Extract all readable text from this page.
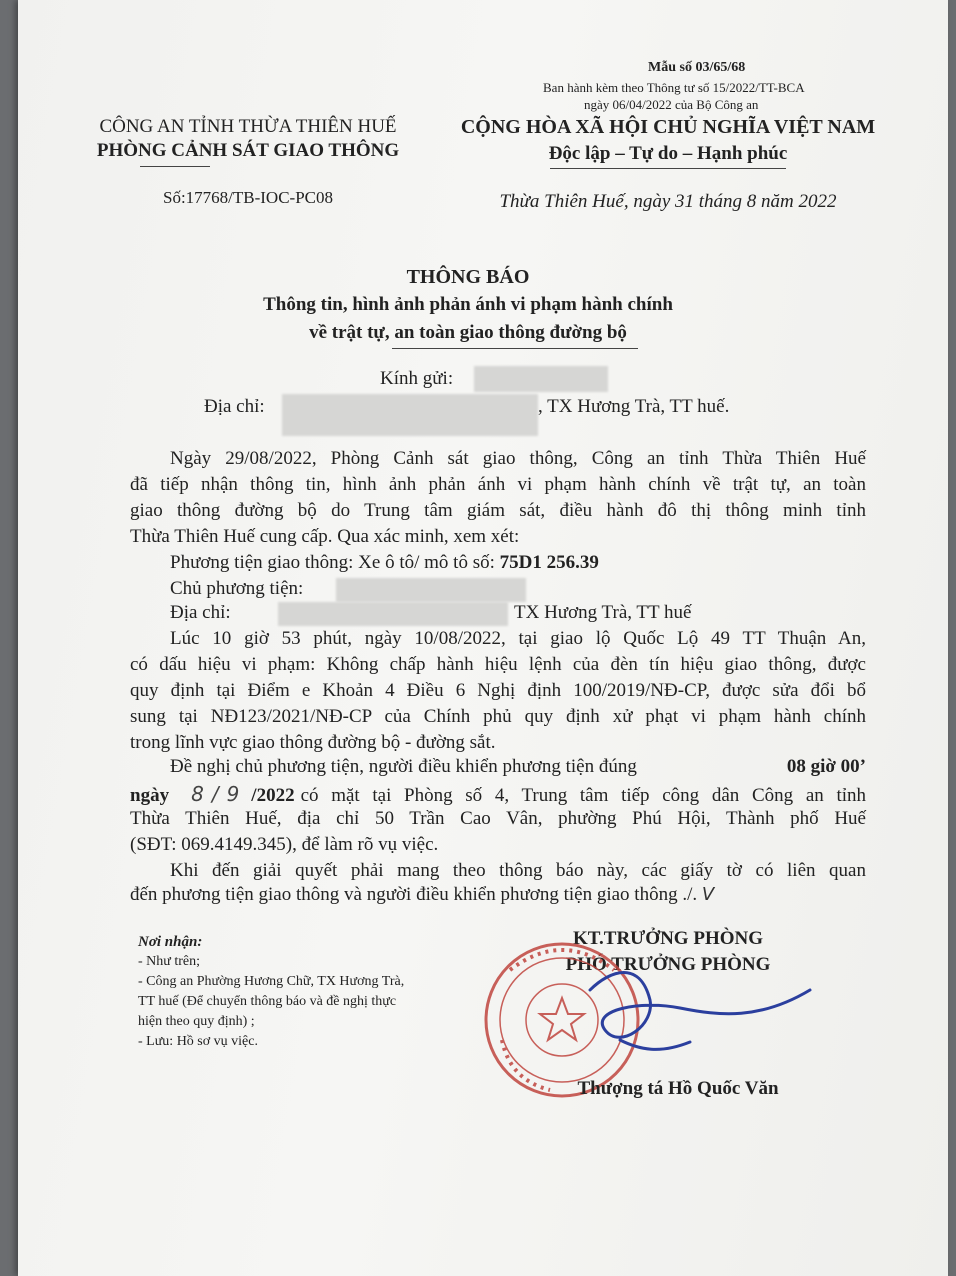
Mẫu số 03/65/68
Ban hành kèm theo Thông tư số 15/2022/TT-BCA
ngày 06/04/2022 của Bộ Công an
CÔNG AN TỈNH THỪA THIÊN HUẾ
PHÒNG CẢNH SÁT GIAO THÔNG
Số:17768/TB-IOC-PC08
CỘNG HÒA XÃ HỘI CHỦ NGHĨA VIỆT NAM
Độc lập – Tự do – Hạnh phúc
Thừa Thiên Huế, ngày 31 tháng 8 năm 2022
THÔNG BÁO
Thông tin, hình ảnh phản ánh vi phạm hành chính
về trật tự, an toàn giao thông đường bộ
Kính gửi:
Địa chỉ:	, TX Hương Trà, TT huế.
Ngày 29/08/2022, Phòng Cảnh sát giao thông, Công an tỉnh Thừa Thiên Huế
đã tiếp nhận thông tin, hình ảnh phản ánh vi phạm hành chính về trật tự, an toàn
giao thông đường bộ do Trung tâm giám sát, điều hành đô thị thông minh tỉnh
Thừa Thiên Huế cung cấp. Qua xác minh, xem xét:
Phương tiện giao thông: Xe ô tô/ mô tô số: 75D1 256.39
Chủ phương tiện:
Địa chỉ:	TX Hương Trà, TT huế
Lúc 10 giờ 53 phút, ngày 10/08/2022, tại giao lộ Quốc Lộ 49 TT Thuận An,
có dấu hiệu vi phạm: Không chấp hành hiệu lệnh của đèn tín hiệu giao thông, được
quy định tại Điểm e Khoản 4 Điều 6 Nghị định 100/2019/NĐ-CP, được sửa đổi bổ
sung tại NĐ123/2021/NĐ-CP của Chính phủ quy định xử phạt vi phạm hành chính
trong lĩnh vực giao thông đường bộ - đường sắt.
Đề nghị chủ phương tiện, người điều khiển phương tiện đúng	08 giờ 00’
ngày 8 / 9 /2022 có mặt tại Phòng số 4, Trung tâm tiếp công dân Công an tỉnh
Thừa Thiên Huế, địa chỉ 50 Trần Cao Vân, phường Phú Hội, Thành phố Huế
(SĐT: 069.4149.345), để làm rõ vụ việc.
Khi đến giải quyết phải mang theo thông báo này, các giấy tờ có liên quan
đến phương tiện giao thông và người điều khiển phương tiện giao thông ./. V
Nơi nhận:
- Như trên;
- Công an Phường Hương Chữ, TX Hương Trà,
TT huế (Để chuyển thông báo và đề nghị thực
hiện theo quy định) ;
- Lưu: Hồ sơ vụ việc.
KT.TRƯỞNG PHÒNG
PHÓ TRƯỞNG PHÒNG
Thượng tá Hồ Quốc Văn
